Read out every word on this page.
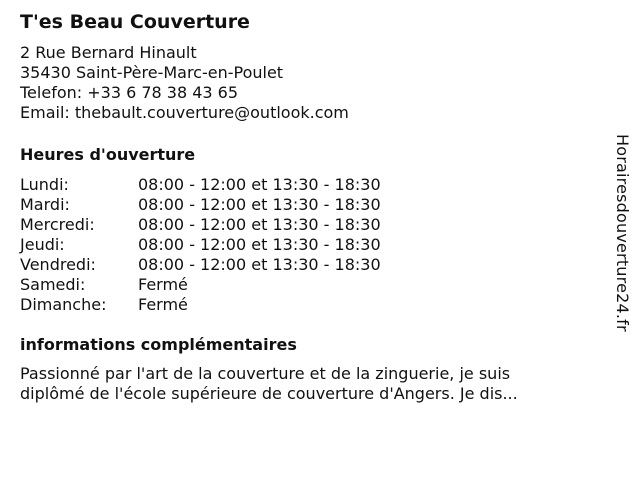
T'es Beau Couverture
2 Rue Bernard Hinault
35430 Saint-Père-Marc-en-Poulet
Telefon: +33 6 78 38 43 65
Email: thebault.couverture@outlook.com
Heures d'ouverture
Lundi:	08:00 - 12:00 et 13:30 - 18:30
Mardi:	08:00 - 12:00 et 13:30 - 18:30
Mercredi:	08:00 - 12:00 et 13:30 - 18:30
Jeudi:	08:00 - 12:00 et 13:30 - 18:30
Vendredi:	08:00 - 12:00 et 13:30 - 18:30
Samedi:	Fermé
Dimanche:	Fermé
informations complémentaires
Passionné par l'art de la couverture et de la zinguerie, je suis
diplômé de l'école supérieure de couverture d'Angers. Je dis...
Horairesdouverture24.fr
